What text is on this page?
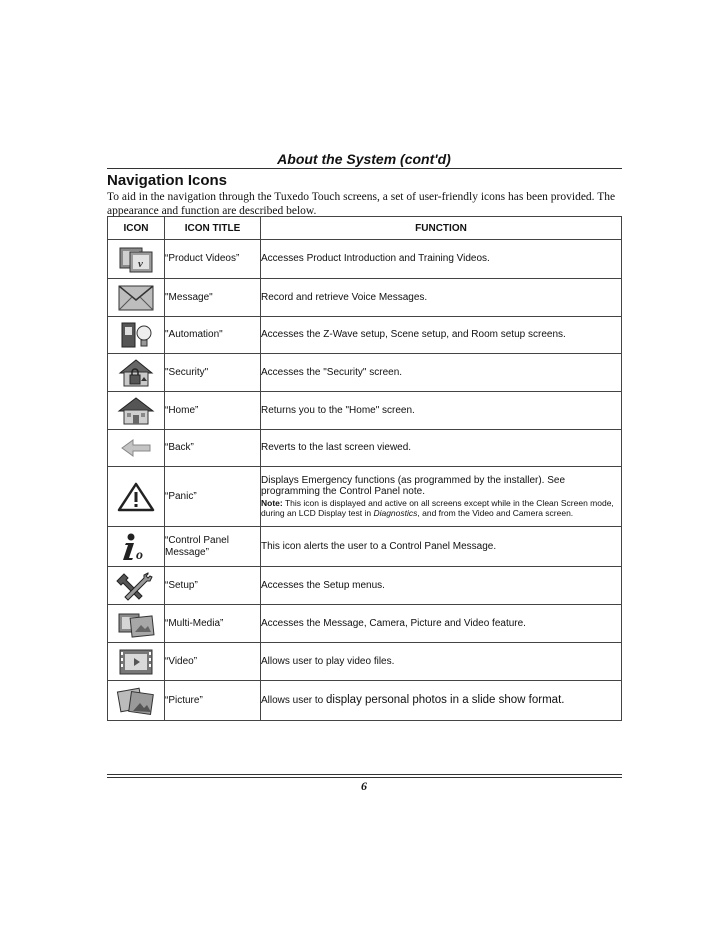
About the System (cont'd)
Navigation Icons
To aid in the navigation through the Tuxedo Touch screens, a set of user-friendly icons has been provided. The appearance and function are described below.
ICON	ICON TITLE	FUNCTION

v	“Product Videos”	Accesses Product Introduction and Training Videos.

	"Message"	Record and retrieve Voice Messages.

	"Automation"	Accesses the Z-Wave setup, Scene setup, and Room setup screens.

	"Security"	Accesses the "Security" screen.

	“Home”	Returns you to the "Home" screen.

	“Back”	Reverts to the last screen viewed.

	“Panic”	Displays Emergency functions (as programmed by the installer). See programming the Control Panel note.
Note: This icon is displayed and active on all screens except while in the Clean Screen mode, during an LCD Display test in Diagnostics, and from the Video and Camera screen.

o	“Control Panel Message”	This icon alerts the user to a Control Panel Message.

	“Setup”	Accesses the Setup menus.

	“Multi-Media”	Accesses the Message, Camera, Picture and Video feature.

	“Video”	Allows user to play video files.

	“Picture”	Allows user to display personal photos in a slide show format.
6
